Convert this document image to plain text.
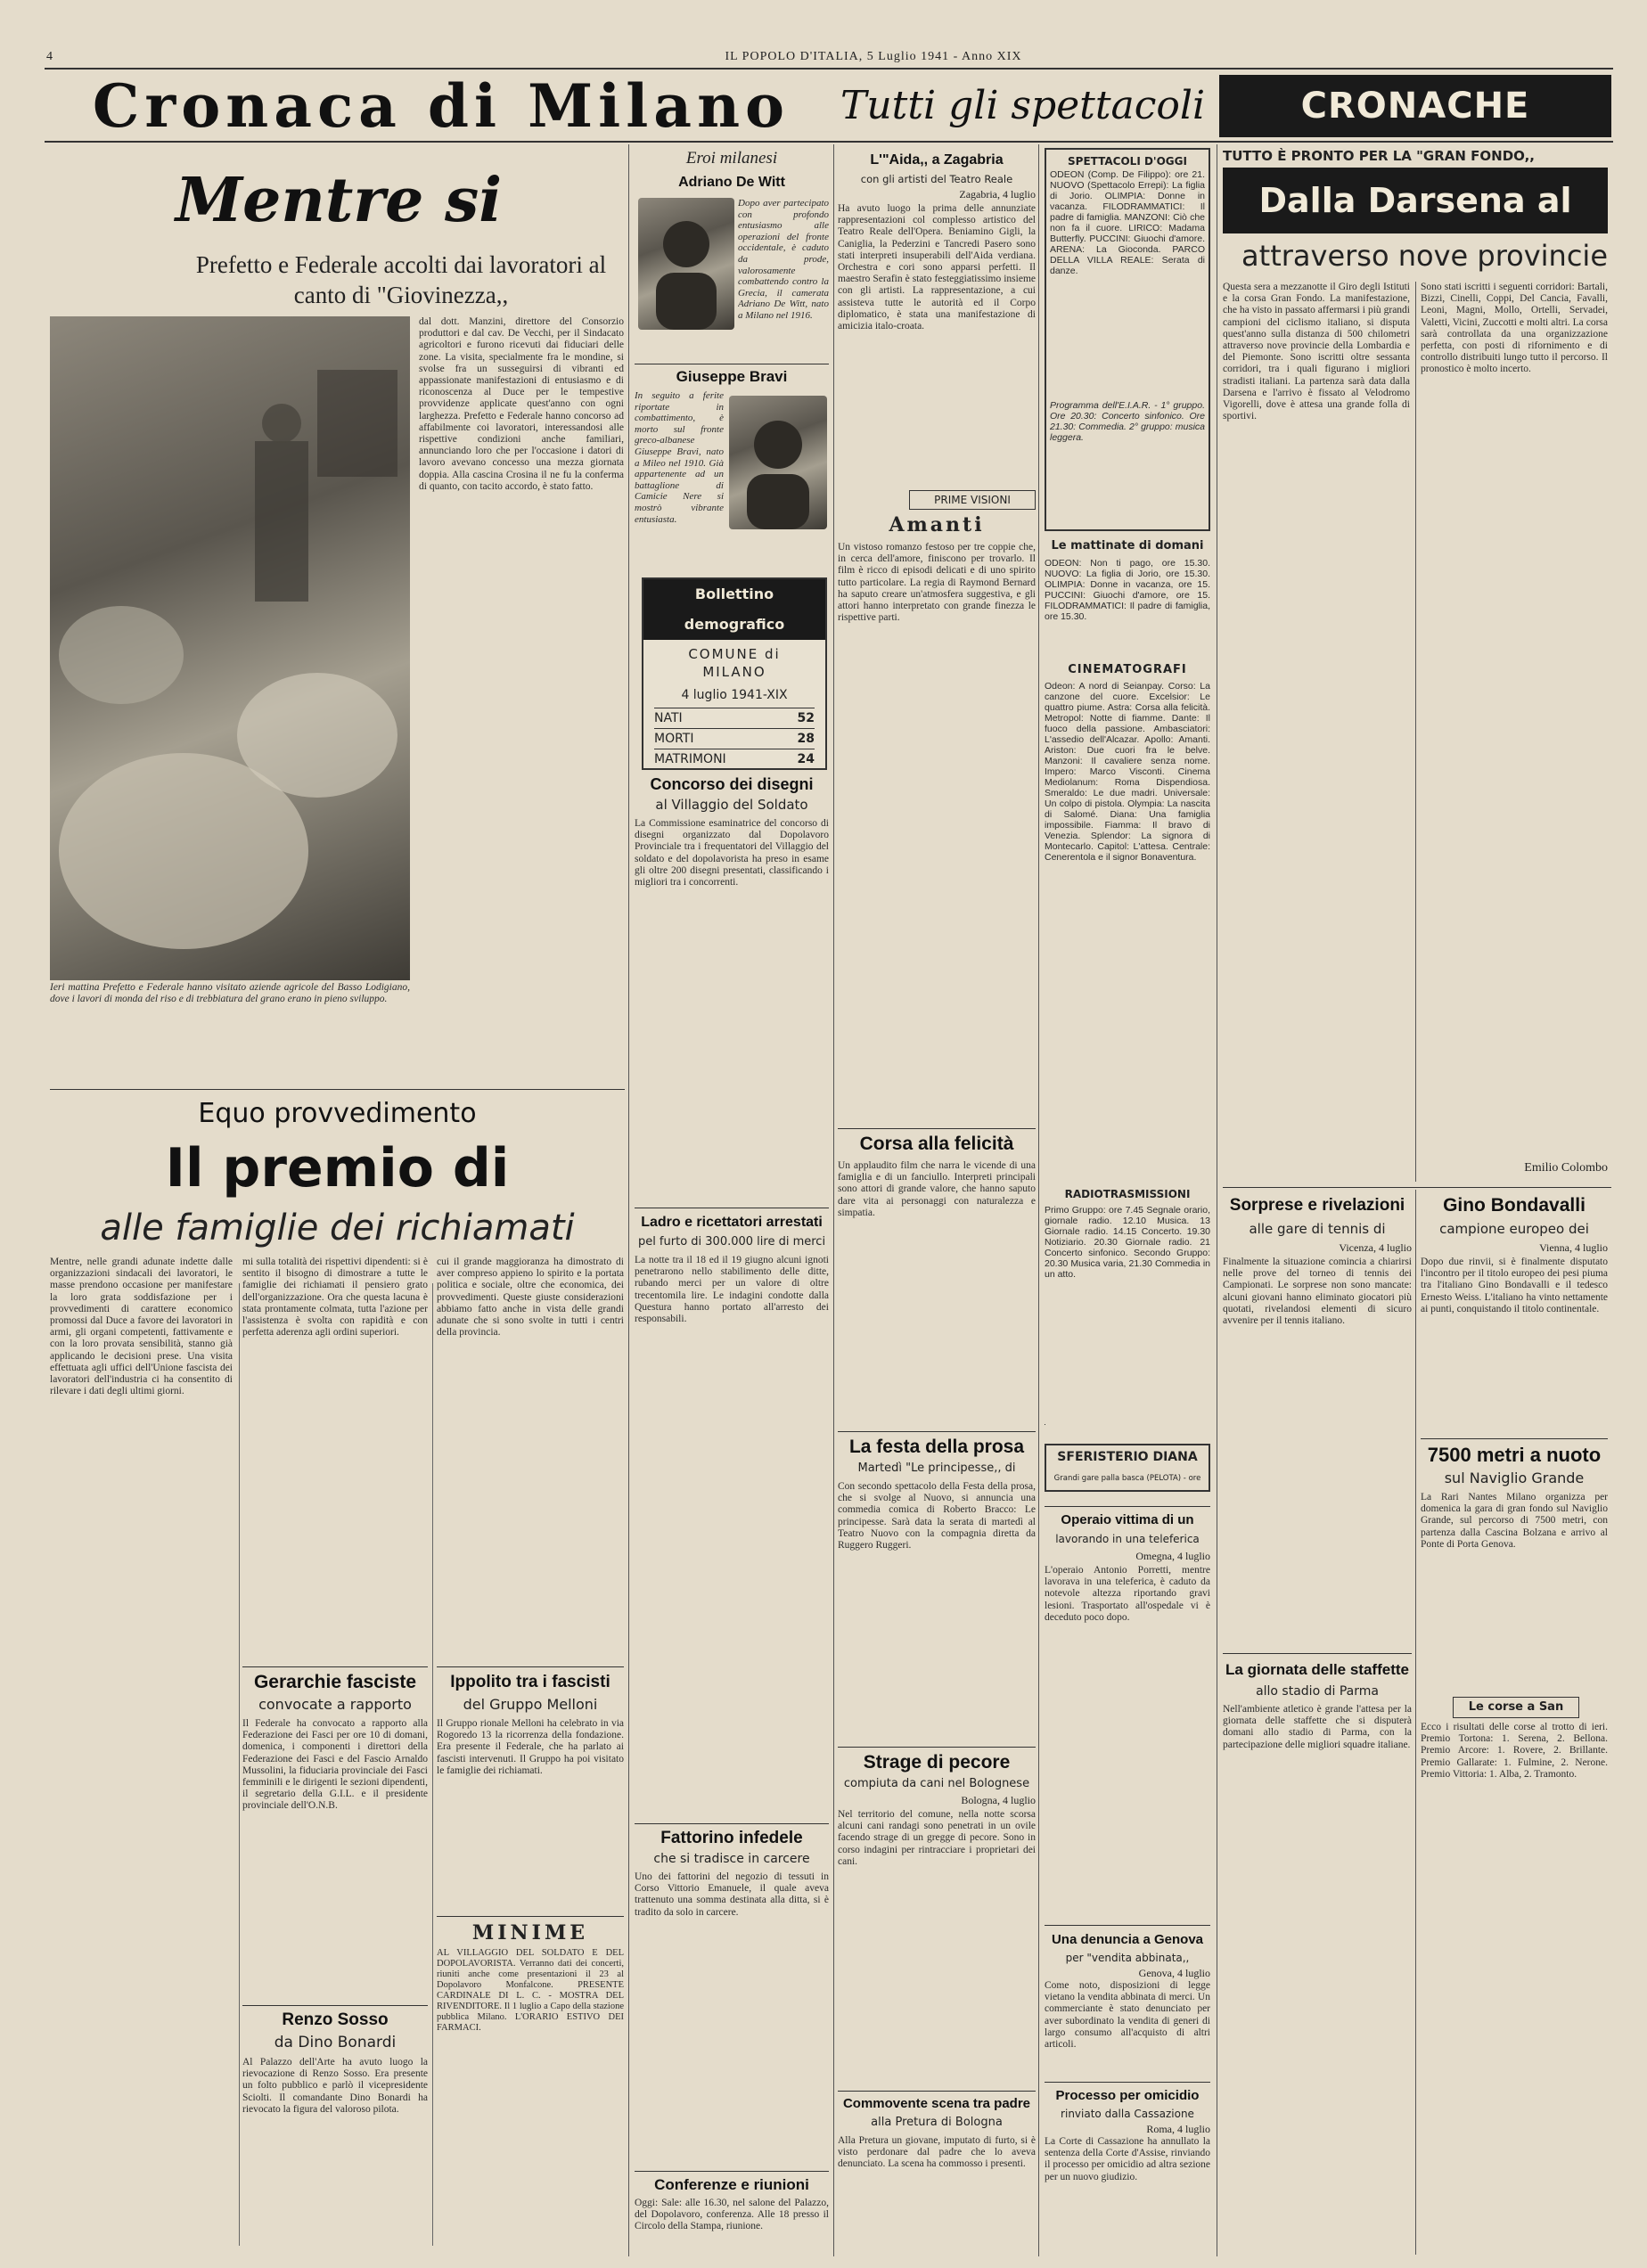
4	IL POPOLO D'ITALIA, 5 Luglio 1941 - Anno XIX
Cronaca di Milano	Tutti gli spettacoli	CRONACHE
Mentre si
Prefetto e Federale accolti dai lavoratori al canto di "Giovinezza,,
Ieri mattina Prefetto e Federale hanno visitato aziende agricole del Basso Lodigiano, dove i lavori di monda del riso e di trebbiatura del grano erano in pieno sviluppo.
dal dott. Manzini, direttore del Consorzio produttori e dal cav. De Vecchi, per il Sindacato agricoltori e furono ricevuti dai fiduciari delle zone. La visita, specialmente fra le mondine, si svolse fra un susseguirsi di vibranti ed appassionate manifestazioni di entusiasmo e di riconoscenza al Duce per le tempestive provvidenze applicate quest'anno con ogni larghezza. Prefetto e Federale hanno concorso ad affabilmente coi lavoratori, interessandosi alle rispettive condizioni anche familiari, annunciando loro che per l'occasione i datori di lavoro avevano concesso una mezza giornata doppia. Alla cascina Crosina il ne fu la conferma di quanto, con tacito accordo, è stato fatto.
Equo provvedimento
Il premio di
alle famiglie dei richiamati
Mentre, nelle grandi adunate indette dalle organizzazioni sindacali dei lavoratori, le masse prendono occasione per manifestare la loro grata soddisfazione per i provvedimenti di carattere economico promossi dal Duce a favore dei lavoratori in armi, gli organi competenti, fattivamente e con la loro provata sensibilità, stanno già applicando le decisioni prese. Una visita effettuata agli uffici dell'Unione fascista dei lavoratori dell'industria ci ha consentito di rilevare i dati degli ultimi giorni.
mi sulla totalità dei rispettivi dipendenti: si è sentito il bisogno di dimostrare a tutte le famiglie dei richiamati il pensiero grato dell'organizzazione. Ora che questa lacuna è stata prontamente colmata, tutta l'azione per l'assistenza è svolta con rapidità e con perfetta aderenza agli ordini superiori.
cui il grande maggioranza ha dimostrato di aver compreso appieno lo spirito e la portata politica e sociale, oltre che economica, dei provvedimenti. Queste giuste considerazioni abbiamo fatto anche in vista delle grandi adunate che si sono svolte in tutti i centri della provincia.
Gerarchie fasciste
convocate a rapporto
Il Federale ha convocato a rapporto alla Federazione dei Fasci per ore 10 di domani, domenica, i componenti i direttori della Federazione dei Fasci e del Fascio Arnaldo Mussolini, la fiduciaria provinciale dei Fasci femminili e le dirigenti le sezioni dipendenti, il segretario della G.I.L. e il presidente provinciale dell'O.N.B.
Renzo Sosso
da Dino Bonardi
Al Palazzo dell'Arte ha avuto luogo la rievocazione di Renzo Sosso. Era presente un folto pubblico e parlò il vicepresidente Sciolti. Il comandante Dino Bonardi ha rievocato la figura del valoroso pilota.
Ippolito tra i fascisti
del Gruppo Melloni
Il Gruppo rionale Melloni ha celebrato in via Rogoredo 13 la ricorrenza della fondazione. Era presente il Federale, che ha parlato ai fascisti intervenuti. Il Gruppo ha poi visitato le famiglie dei richiamati.
MINIME
AL VILLAGGIO DEL SOLDATO E DEL DOPOLAVORISTA. Verranno dati dei concerti, riuniti anche come presentazioni il 23 al Dopolavoro Monfalcone. PRESENTE CARDINALE DI L. C. - MOSTRA DEL RIVENDITORE. Il 1 luglio a Capo della stazione pubblica Milano. L'ORARIO ESTIVO DEI FARMACI.
Eroi milanesi
Adriano De Witt
Dopo aver partecipato con profondo entusiasmo alle operazioni del fronte occidentale, è caduto da prode, valorosamente combattendo contro la Grecia, il camerata Adriano De Witt, nato a Milano nel 1916.
Giuseppe Bravi
In seguito a ferite riportate in combattimento, è morto sul fronte greco-albanese Giuseppe Bravi, nato a Mileo nel 1910. Già appartenente ad un battaglione di Camicie Nere si mostrò vibrante entusiasta.
Bollettino demografico
COMUNE di MILANO
4 luglio 1941-XIX
NATI	52
MORTI	28
MATRIMONI	24
Concorso dei disegni
al Villaggio del Soldato
La Commissione esaminatrice del concorso di disegni organizzato dal Dopolavoro Provinciale tra i frequentatori del Villaggio del soldato e del dopolavorista ha preso in esame gli oltre 200 disegni presentati, classificando i migliori tra i concorrenti.
Ladro e ricettatori arrestati
pel furto di 300.000 lire di merci
La notte tra il 18 ed il 19 giugno alcuni ignoti penetrarono nello stabilimento delle ditte, rubando merci per un valore di oltre trecentomila lire. Le indagini condotte dalla Questura hanno portato all'arresto dei responsabili.
Fattorino infedele
che si tradisce in carcere
Uno dei fattorini del negozio di tessuti in Corso Vittorio Emanuele, il quale aveva trattenuto una somma destinata alla ditta, si è tradito da solo in carcere.
Conferenze e riunioni
Oggi: Sale: alle 16.30, nel salone del Palazzo, del Dopolavoro, conferenza. Alle 18 presso il Circolo della Stampa, riunione.
L'"Aida,, a Zagabria
con gli artisti del Teatro Reale
Zagabria, 4 luglio
Ha avuto luogo la prima delle annunziate rappresentazioni col complesso artistico del Teatro Reale dell'Opera. Beniamino Gigli, la Caniglia, la Pederzini e Tancredi Pasero sono stati interpreti insuperabili dell'Aida verdiana. Orchestra e cori sono apparsi perfetti. Il maestro Serafin è stato festeggiatissimo insieme con gli artisti. La rappresentazione, a cui assisteva tutte le autorità ed il Corpo diplomatico, è stata una manifestazione di amicizia italo-croata.
PRIME VISIONI
Amanti
Un vistoso romanzo festoso per tre coppie che, in cerca dell'amore, finiscono per trovarlo. Il film è ricco di episodi delicati e di uno spirito tutto particolare. La regia di Raymond Bernard ha saputo creare un'atmosfera suggestiva, e gli attori hanno interpretato con grande finezza le rispettive parti.
Corsa alla felicità
Un applaudito film che narra le vicende di una famiglia e di un fanciullo. Interpreti principali sono attori di grande valore, che hanno saputo dare vita ai personaggi con naturalezza e simpatia.
La festa della prosa
Martedì "Le principesse,, di
Con secondo spettacolo della Festa della prosa, che si svolge al Nuovo, si annuncia una commedia comica di Roberto Bracco: Le principesse. Sarà data la serata di martedì al Teatro Nuovo con la compagnia diretta da Ruggero Ruggeri.
Strage di pecore
compiuta da cani nel Bolognese
Bologna, 4 luglio
Nel territorio del comune, nella notte scorsa alcuni cani randagi sono penetrati in un ovile facendo strage di un gregge di pecore. Sono in corso indagini per rintracciare i proprietari dei cani.
Commovente scena tra padre
alla Pretura di Bologna
Alla Pretura un giovane, imputato di furto, si è visto perdonare dal padre che lo aveva denunciato. La scena ha commosso i presenti.
SPETTACOLI D'OGGI
ODEON (Comp. De Filippo): ore 21. NUOVO (Spettacolo Errepi): La figlia di Jorio. OLIMPIA: Donne in vacanza. FILODRAMMATICI: Il padre di famiglia. MANZONI: Ciò che non fa il cuore. LIRICO: Madama Butterfly. PUCCINI: Giuochi d'amore. ARENA: La Gioconda. PARCO DELLA VILLA REALE: Serata di danze.
Programma dell'E.I.A.R. - 1° gruppo. Ore 20.30: Concerto sinfonico. Ore 21.30: Commedia. 2° gruppo: musica leggera.
Le mattinate di domani
ODEON: Non ti pago, ore 15.30. NUOVO: La figlia di Jorio, ore 15.30. OLIMPIA: Donne in vacanza, ore 15. PUCCINI: Giuochi d'amore, ore 15. FILODRAMMATICI: Il padre di famiglia, ore 15.30.
CINEMATOGRAFI
Odeon: A nord di Seianpay. Corso: La canzone del cuore. Excelsior: Le quattro piume. Astra: Corsa alla felicità. Metropol: Notte di fiamme. Dante: Il fuoco della passione. Ambasciatori: L'assedio dell'Alcazar. Apollo: Amanti. Ariston: Due cuori fra le belve. Manzoni: Il cavaliere senza nome. Impero: Marco Visconti. Cinema Mediolanum: Roma Dispendiosa. Smeraldo: Le due madri. Universale: Un colpo di pistola. Olympia: La nascita di Salomé. Diana: Una famiglia impossibile. Fiamma: Il bravo di Venezia. Splendor: La signora di Montecarlo. Capitol: L'attesa. Centrale: Cenerentola e il signor Bonaventura.
RADIOTRASMISSIONI
Primo Gruppo: ore 7.45 Segnale orario, giornale radio. 12.10 Musica. 13 Giornale radio. 14.15 Concerto. 19.30 Notiziario. 20.30 Giornale radio. 21 Concerto sinfonico. Secondo Gruppo: 20.30 Musica varia, 21.30 Commedia in un atto.
SFERISTERIO DIANA
Grandi gare palla basca (PELOTA) - ore
Operaio vittima di un
lavorando in una teleferica
Omegna, 4 luglio
L'operaio Antonio Porretti, mentre lavorava in una teleferica, è caduto da notevole altezza riportando gravi lesioni. Trasportato all'ospedale vi è deceduto poco dopo.
TUTTO È PRONTO PER LA "GRAN FONDO,,
Dalla Darsena al
attraverso nove provincie
Questa sera a mezzanotte il Giro degli Istituti e la corsa Gran Fondo. La manifestazione, che ha visto in passato affermarsi i più grandi campioni del ciclismo italiano, si disputa quest'anno sulla distanza di 500 chilometri attraverso nove provincie della Lombardia e del Piemonte. Sono iscritti oltre sessanta corridori, tra i quali figurano i migliori stradisti italiani. La partenza sarà data dalla Darsena e l'arrivo è fissato al Velodromo Vigorelli, dove è attesa una grande folla di sportivi.
Sono stati iscritti i seguenti corridori: Bartali, Bizzi, Cinelli, Coppi, Del Cancia, Favalli, Leoni, Magni, Mollo, Ortelli, Servadei, Valetti, Vicini, Zuccotti e molti altri. La corsa sarà controllata da una organizzazione perfetta, con posti di rifornimento e di controllo distribuiti lungo tutto il percorso. Il pronostico è molto incerto.
Emilio Colombo
Sorprese e rivelazioni
alle gare di tennis di
Vicenza, 4 luglio
Finalmente la situazione comincia a chiarirsi nelle prove del torneo di tennis dei Campionati. Le sorprese non sono mancate: alcuni giovani hanno eliminato giocatori più quotati, rivelandosi elementi di sicuro avvenire per il tennis italiano.
Gino Bondavalli
campione europeo dei
Vienna, 4 luglio
Dopo due rinvii, si è finalmente disputato l'incontro per il titolo europeo dei pesi piuma tra l'italiano Gino Bondavalli e il tedesco Ernesto Weiss. L'italiano ha vinto nettamente ai punti, conquistando il titolo continentale.
7500 metri a nuoto
sul Naviglio Grande
La Rari Nantes Milano organizza per domenica la gara di gran fondo sul Naviglio Grande, sul percorso di 7500 metri, con partenza dalla Cascina Bolzana e arrivo al Ponte di Porta Genova.
Le corse a San
Ecco i risultati delle corse al trotto di ieri. Premio Tortona: 1. Serena, 2. Bellona. Premio Arcore: 1. Rovere, 2. Brillante. Premio Gallarate: 1. Fulmine, 2. Nerone. Premio Vittoria: 1. Alba, 2. Tramonto.
La giornata delle staffette
allo stadio di Parma
Nell'ambiente atletico è grande l'attesa per la giornata delle staffette che si disputerà domani allo stadio di Parma, con la partecipazione delle migliori squadre italiane.
Una denuncia a Genova
per "vendita abbinata,,
Genova, 4 luglio
Come noto, disposizioni di legge vietano la vendita abbinata di merci. Un commerciante è stato denunciato per aver subordinato la vendita di generi di largo consumo all'acquisto di altri articoli.
Processo per omicidio
rinviato dalla Cassazione
Roma, 4 luglio
La Corte di Cassazione ha annullato la sentenza della Corte d'Assise, rinviando il processo per omicidio ad altra sezione per un nuovo giudizio.
